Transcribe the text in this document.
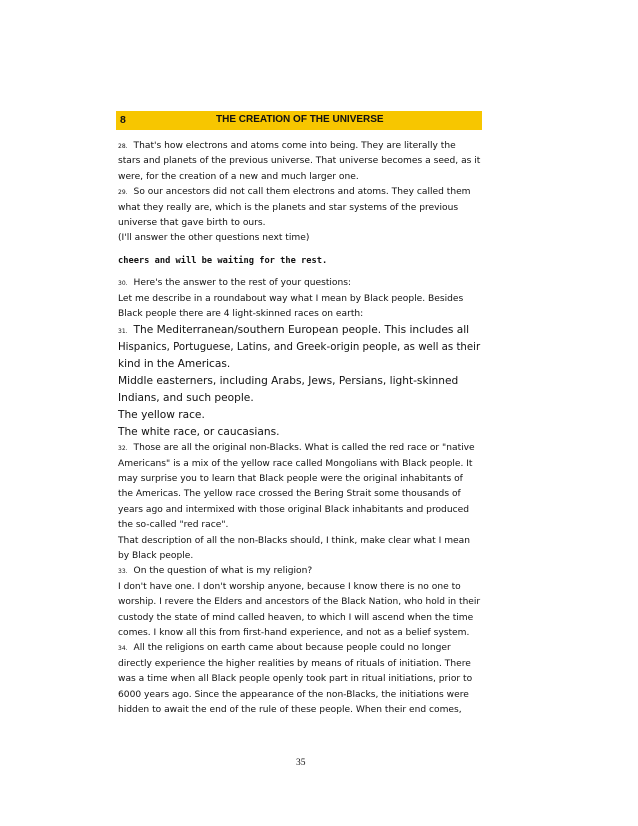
8	THE CREATION OF THE UNIVERSE
28. That's how electrons and atoms come into being. They are literally the
stars and planets of the previous universe. That universe becomes a seed, as it
were, for the creation of a new and much larger one.
29. So our ancestors did not call them electrons and atoms. They called them
what they really are, which is the planets and star systems of the previous
universe that gave birth to ours.
(I'll answer the other questions next time)
cheers and will be waiting for the rest.
30. Here's the answer to the rest of your questions:
Let me describe in a roundabout way what I mean by Black people. Besides
Black people there are 4 light-skinned races on earth:
31. The Mediterranean/southern European people. This includes all
Hispanics, Portuguese, Latins, and Greek-origin people, as well as their
kind in the Americas.
Middle easterners, including Arabs, Jews, Persians, light-skinned
Indians, and such people.
The yellow race.
The white race, or caucasians.
32. Those are all the original non-Blacks. What is called the red race or "native
Americans" is a mix of the yellow race called Mongolians with Black people. It
may surprise you to learn that Black people were the original inhabitants of
the Americas. The yellow race crossed the Bering Strait some thousands of
years ago and intermixed with those original Black inhabitants and produced
the so-called "red race".
That description of all the non-Blacks should, I think, make clear what I mean
by Black people.
33. On the question of what is my religion?
I don't have one. I don't worship anyone, because I know there is no one to
worship. I revere the Elders and ancestors of the Black Nation, who hold in their
custody the state of mind called heaven, to which I will ascend when the time
comes. I know all this from first-hand experience, and not as a belief system.
34. All the religions on earth came about because people could no longer
directly experience the higher realities by means of rituals of initiation. There
was a time when all Black people openly took part in ritual initiations, prior to
6000 years ago. Since the appearance of the non-Blacks, the initiations were
hidden to await the end of the rule of these people. When their end comes,
35
